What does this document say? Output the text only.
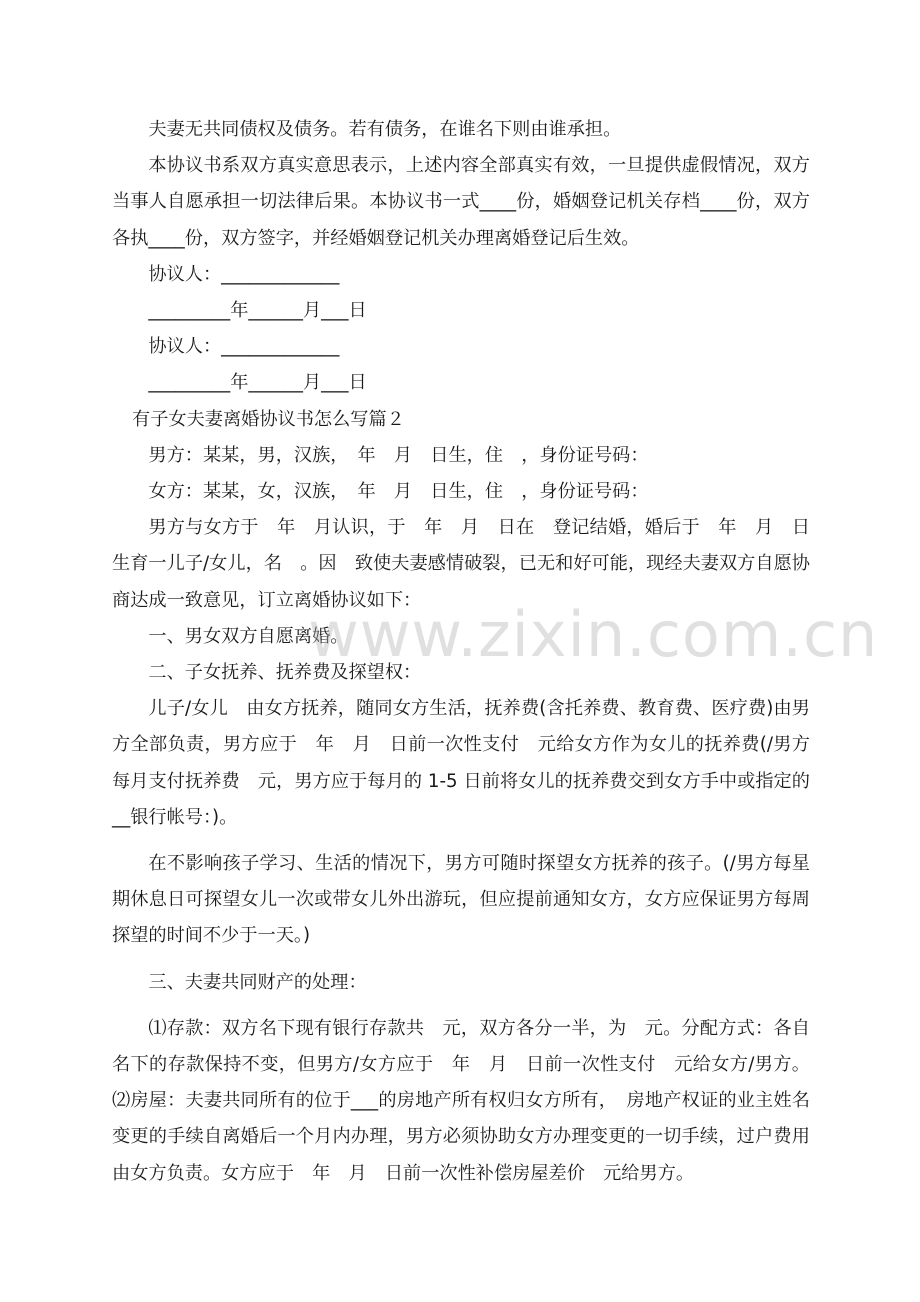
夫妻无共同债权及债务。若有债务，在谁名下则由谁承担。

本协议书系双方真实意思表示，上述内容全部真实有效，一旦提供虚假情况，双方当事人自愿承担一切法律后果。本协议书一式____份，婚姻登记机关存档____份，双方各执____份，双方签字，并经婚姻登记机关办理离婚登记后生效。

协议人：_____________

_________年______月___日

协议人：_____________

_________年______月___日

有子女夫妻离婚协议书怎么写篇２

男方：某某，男，汉族，　年　月　日生，住　，身份证号码：

女方：某某，女，汉族，　年　月　日生，住　，身份证号码：

男方与女方于　年　月认识，于　年　月　日在　登记结婚，婚后于　年　月　日生育一儿子/女儿，名　。因　致使夫妻感情破裂，已无和好可能，现经夫妻双方自愿协商达成一致意见，订立离婚协议如下：

一、男女双方自愿离婚。

二、子女抚养、抚养费及探望权：

儿子/女儿　由女方抚养，随同女方生活，抚养费(含托养费、教育费、医疗费)由男方全部负责，男方应于　年　月　日前一次性支付　元给女方作为女儿的抚养费(/男方每月支付抚养费　元，男方应于每月的 1-5 日前将女儿的抚养费交到女方手中或指定的__银行帐号：)。

在不影响孩子学习、生活的情况下，男方可随时探望女方抚养的孩子。(/男方每星期休息日可探望女儿一次或带女儿外出游玩，但应提前通知女方，女方应保证男方每周探望的时间不少于一天。)

三、夫妻共同财产的处理：

⑴存款：双方名下现有银行存款共　元，双方各分一半，为　元。分配方式：各自名下的存款保持不变，但男方/女方应于　年　月　日前一次性支付　元给女方/男方。⑵房屋：夫妻共同所有的位于___的房地产所有权归女方所有，　房地产权证的业主姓名变更的手续自离婚后一个月内办理，男方必须协助女方办理变更的一切手续，过户费用由女方负责。女方应于　年　月　日前一次性补偿房屋差价　元给男方。

www.zixin.com.cn
